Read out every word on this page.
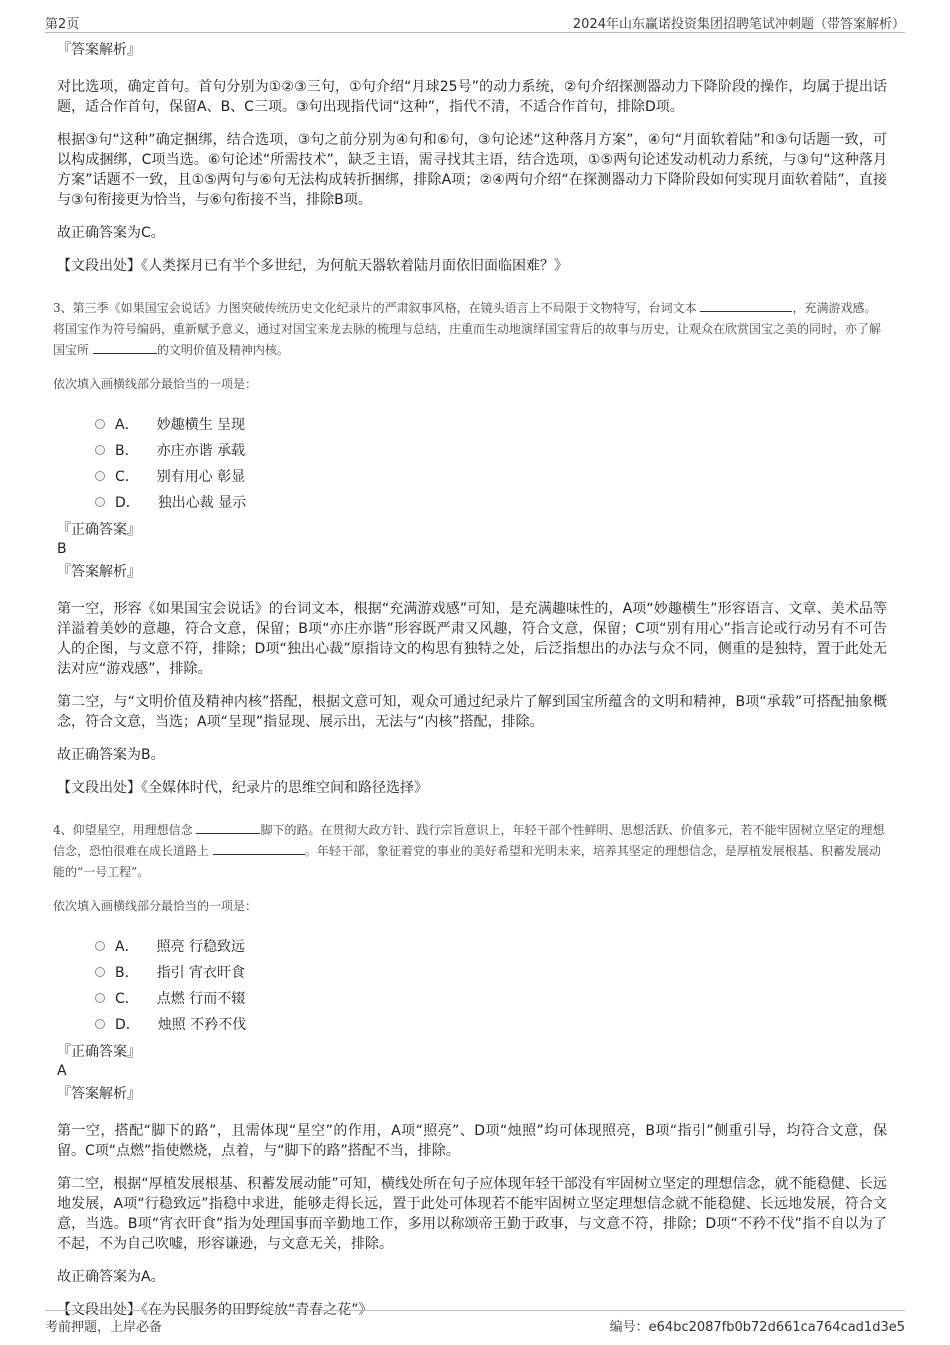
第2页	2024年山东赢诺投资集团招聘笔试冲刺题（带答案解析）

『答案解析』

对比选项，确定首句。首句分别为①②③三句，①句介绍“月球25号”的动力系统，②句介绍探测器动力下降阶段的操作，均属于提出话题，适合作首句，保留A、B、C三项。③句出现指代词“这种”，指代不清，不适合作首句，排除D项。

根据③句“这种”确定捆绑，结合选项，③句之前分别为④句和⑥句，③句论述“这种落月方案”，④句“月面软着陆”和③句话题一致，可以构成捆绑，C项当选。⑥句论述“所需技术”，缺乏主语，需寻找其主语，结合选项，①⑤两句论述发动机动力系统，与③句“这种落月方案”话题不一致，且①⑤两句与⑥句无法构成转折捆绑，排除A项；②④两句介绍“在探测器动力下降阶段如何实现月面软着陆”，直接与③句衔接更为恰当，与⑥句衔接不当，排除B项。

故正确答案为C。

【文段出处】《人类探月已有半个多世纪，为何航天器软着陆月面依旧面临困难？》

3、第三季《如果国宝会说话》力图突破传统历史文化纪录片的严肃叙事风格，在镜头语言上不局限于文物特写，台词文本	，充满游戏感。将国宝作为符号编码，重新赋予意义，通过对国宝来龙去脉的梳理与总结，庄重而生动地演绎国宝背后的故事与历史，让观众在欣赏国宝之美的同时，亦了解国宝所	的文明价值及精神内核。

依次填入画横线部分最恰当的一项是：

A． 妙趣横生 呈现
B． 亦庄亦谐 承载
C． 别有用心 彰显
D． 独出心裁 显示

『正确答案』

B

『答案解析』

第一空，形容《如果国宝会说话》的台词文本，根据“充满游戏感”可知，是充满趣味性的，A项“妙趣横生”形容语言、文章、美术品等洋溢着美妙的意趣，符合文意，保留；B项“亦庄亦谐”形容既严肃又风趣，符合文意，保留；C项“别有用心”指言论或行动另有不可告人的企图，与文意不符，排除；D项“独出心裁”原指诗文的构思有独特之处，后泛指想出的办法与众不同，侧重的是独特，置于此处无法对应“游戏感”，排除。

第二空，与“文明价值及精神内核”搭配，根据文意可知，观众可通过纪录片了解到国宝所蕴含的文明和精神，B项“承载”可搭配抽象概念，符合文意，当选；A项“呈现”指显现、展示出，无法与“内核”搭配，排除。

故正确答案为B。

【文段出处】《全媒体时代，纪录片的思维空间和路径选择》

4、仰望星空，用理想信念	脚下的路。在贯彻大政方针、践行宗旨意识上，年轻干部个性鲜明、思想活跃、价值多元，若不能牢固树立坚定的理想信念，恐怕很难在成长道路上	。年轻干部，象征着党的事业的美好希望和光明未来，培养其坚定的理想信念，是厚植发展根基、积蓄发展动能的“一号工程”。

依次填入画横线部分最恰当的一项是：

A． 照亮 行稳致远
B． 指引 宵衣旰食
C． 点燃 行而不辍
D． 烛照 不矜不伐

『正确答案』

A

『答案解析』

第一空，搭配“脚下的路”，且需体现“星空”的作用，A项“照亮”、D项“烛照”均可体现照亮，B项“指引”侧重引导，均符合文意，保留。C项“点燃”指使燃烧，点着，与“脚下的路”搭配不当，排除。

第二空，根据“厚植发展根基、积蓄发展动能”可知，横线处所在句子应体现年轻干部没有牢固树立坚定的理想信念，就不能稳健、长远地发展，A项“行稳致远”指稳中求进，能够走得长远，置于此处可体现若不能牢固树立坚定理想信念就不能稳健、长远地发展，符合文意，当选。B项“宵衣旰食”指为处理国事而辛勤地工作，多用以称颂帝王勤于政事，与文意不符，排除；D项“不矜不伐”指不自以为了不起，不为自己吹嘘，形容谦逊，与文意无关，排除。

故正确答案为A。

【文段出处】《在为民服务的田野绽放“青春之花”》

考前押题，上岸必备	编号：e64bc2087fb0b72d661ca764cad1d3e5
